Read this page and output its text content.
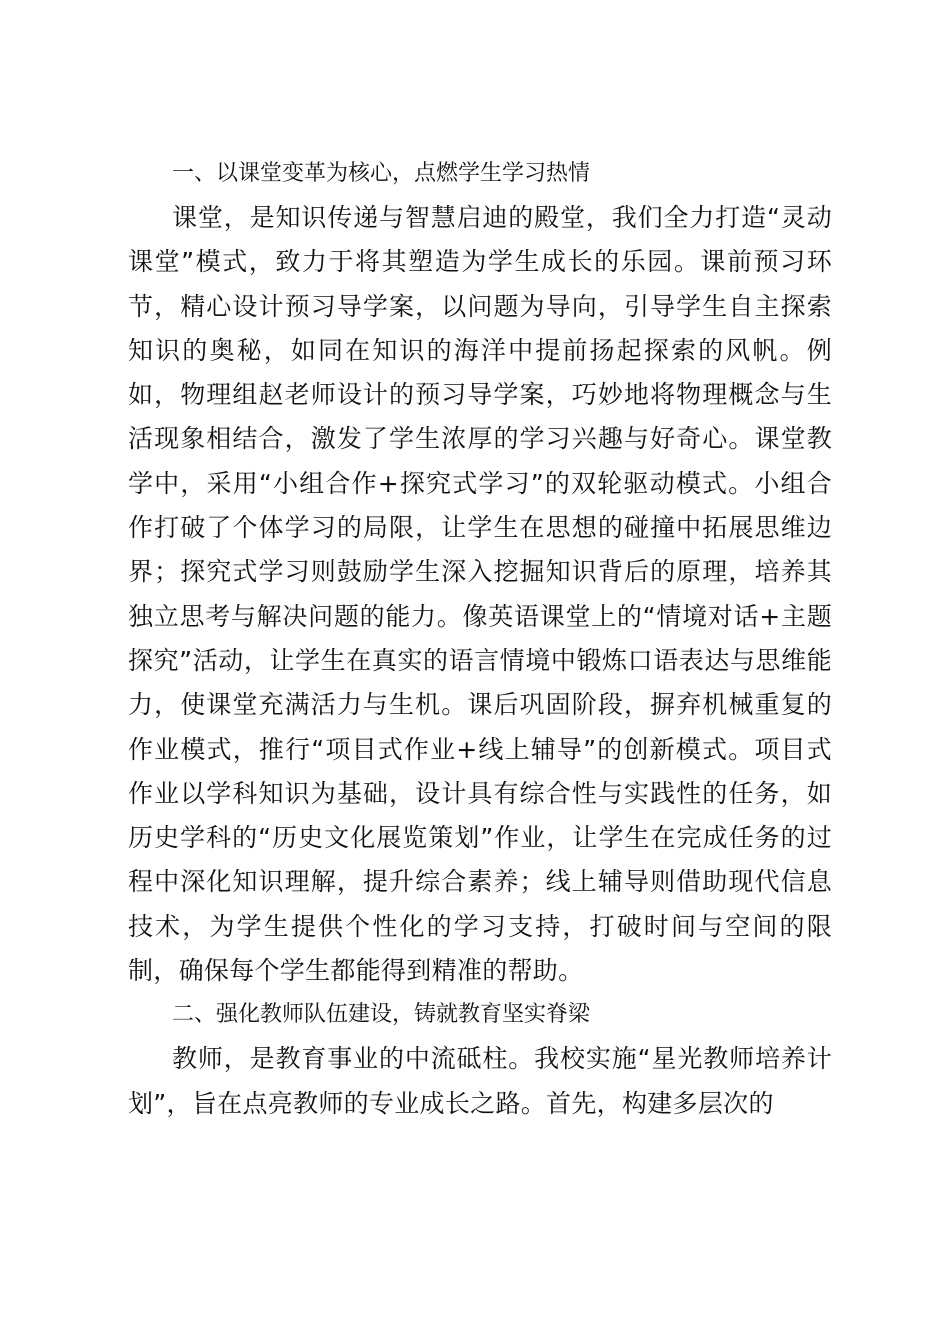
一、以课堂变革为核心，点燃学生学习热情

课堂，是知识传递与智慧启迪的殿堂，我们全力打造“灵动课堂”模式，致力于将其塑造为学生成长的乐园。课前预习环节，精心设计预习导学案，以问题为导向，引导学生自主探索知识的奥秘，如同在知识的海洋中提前扬起探索的风帆。例如，物理组赵老师设计的预习导学案，巧妙地将物理概念与生活现象相结合，激发了学生浓厚的学习兴趣与好奇心。课堂教学中，采用“小组合作+探究式学习”的双轮驱动模式。小组合作打破了个体学习的局限，让学生在思想的碰撞中拓展思维边界；探究式学习则鼓励学生深入挖掘知识背后的原理，培养其独立思考与解决问题的能力。像英语课堂上的“情境对话+主题探究”活动，让学生在真实的语言情境中锻炼口语表达与思维能力，使课堂充满活力与生机。课后巩固阶段，摒弃机械重复的作业模式，推行“项目式作业+线上辅导”的创新模式。项目式作业以学科知识为基础，设计具有综合性与实践性的任务，如历史学科的“历史文化展览策划”作业，让学生在完成任务的过程中深化知识理解，提升综合素养；线上辅导则借助现代信息技术，为学生提供个性化的学习支持，打破时间与空间的限制，确保每个学生都能得到精准的帮助。

二、强化教师队伍建设，铸就教育坚实脊梁

教师，是教育事业的中流砥柱。我校实施“星光教师培养计划”，旨在点亮教师的专业成长之路。首先，构建多层次的
